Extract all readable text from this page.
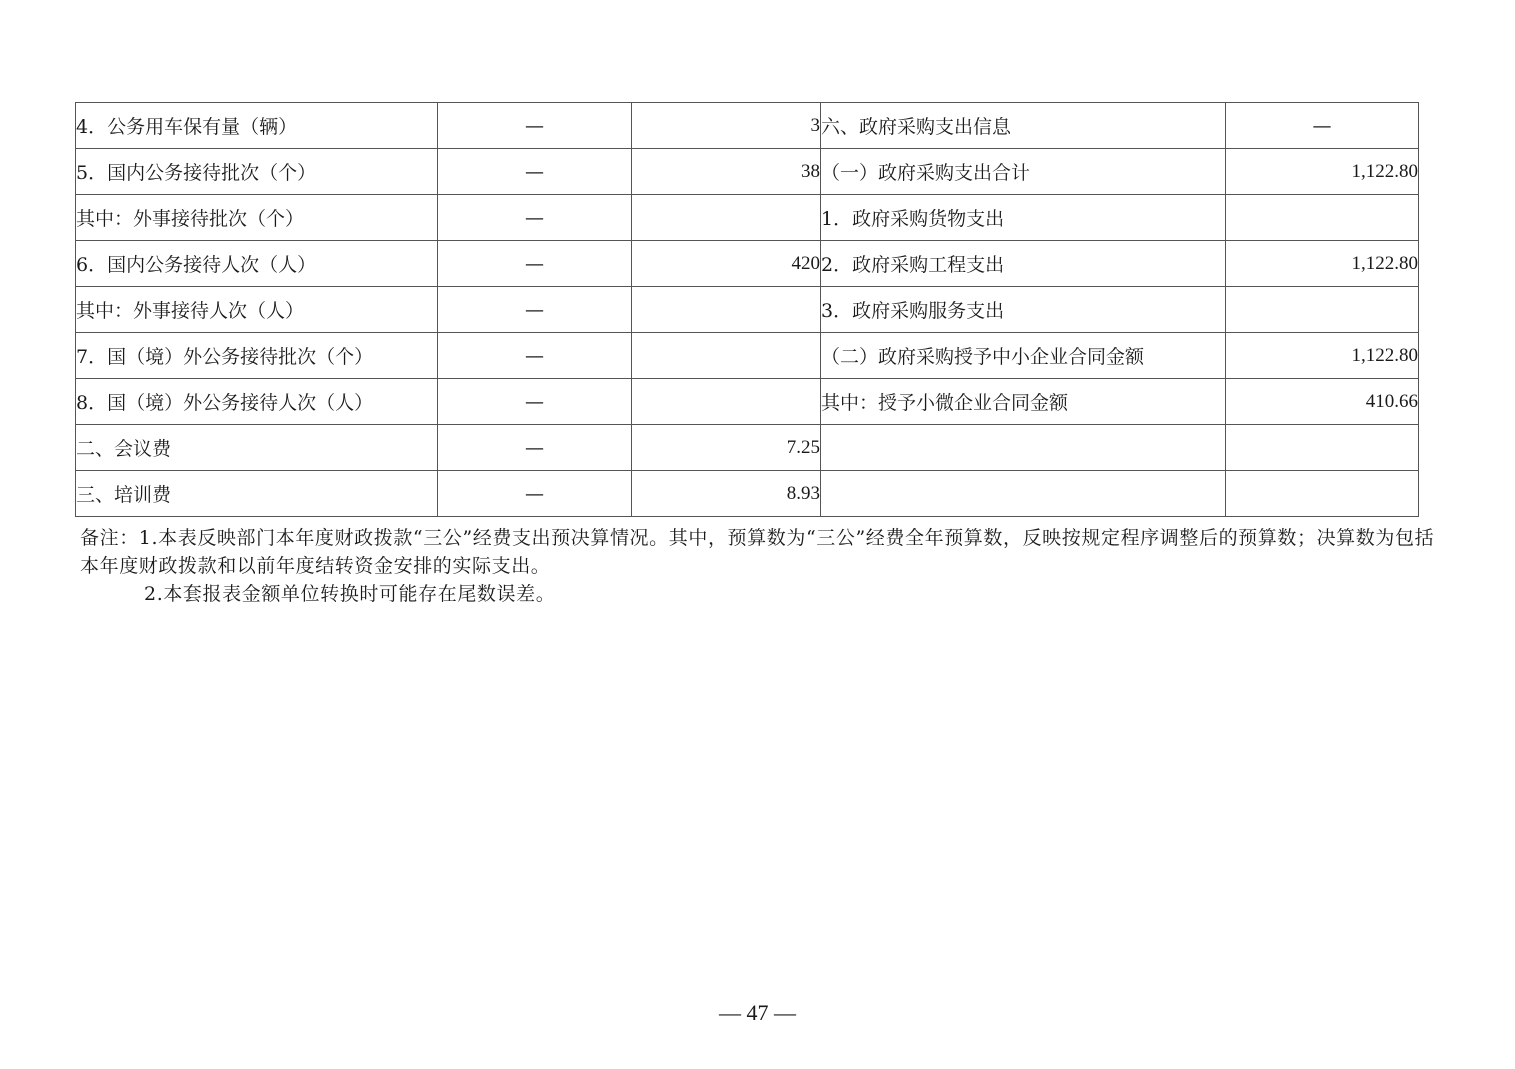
4．公务用车保有量（辆）	—	3	六、政府采购支出信息	—
5．国内公务接待批次（个）	—	38	（一）政府采购支出合计	1,122.80
其中：外事接待批次（个）	—		1．政府采购货物支出	
6．国内公务接待人次（人）	—	420	2．政府采购工程支出	1,122.80
其中：外事接待人次（人）	—		3．政府采购服务支出	
7．国（境）外公务接待批次（个）	—		（二）政府采购授予中小企业合同金额	1,122.80
8．国（境）外公务接待人次（人）	—		其中：授予小微企业合同金额	410.66
二、会议费	—	7.25		
三、培训费	—	8.93		

备注：1.本表反映部门本年度财政拨款“三公”经费支出预决算情况。其中，预算数为“三公”经费全年预算数，反映按规定程序调整后的预算数；决算数为包括本年度财政拨款和以前年度结转资金安排的实际支出。

2.本套报表金额单位转换时可能存在尾数误差。

— 47 —
